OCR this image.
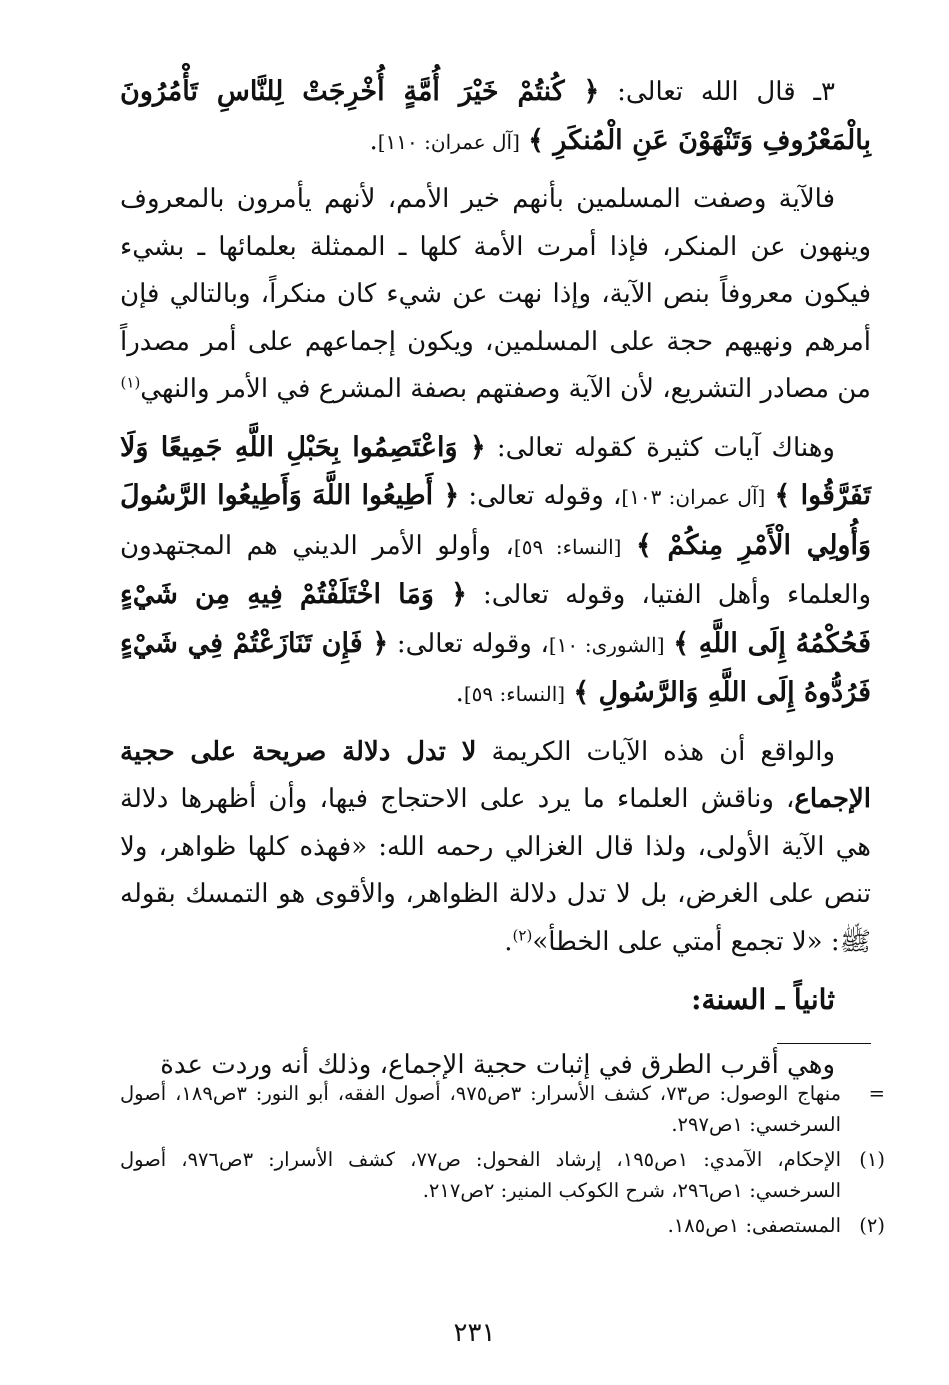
٣ـ قال الله تعالى: ﴿ كُنتُمْ خَيْرَ أُمَّةٍ أُخْرِجَتْ لِلنَّاسِ تَأْمُرُونَ بِالْمَعْرُوفِ وَتَنْهَوْنَ عَنِ الْمُنكَرِ ﴾ [آل عمران: ١١٠].

فالآية وصفت المسلمين بأنهم خير الأمم، لأنهم يأمرون بالمعروف وينهون عن المنكر، فإذا أمرت الأمة كلها ـ الممثلة بعلمائها ـ بشيء فيكون معروفاً بنص الآية، وإذا نهت عن شيء كان منكراً، وبالتالي فإن أمرهم ونهيهم حجة على المسلمين، ويكون إجماعهم على أمر مصدراً من مصادر التشريع، لأن الآية وصفتهم بصفة المشرع في الأمر والنهي$^{(١)}$

وهناك آيات كثيرة كقوله تعالى: ﴿ وَاعْتَصِمُوا بِحَبْلِ اللَّهِ جَمِيعًا وَلَا تَفَرَّقُوا ﴾ [آل عمران: ١٠٣]، وقوله تعالى: ﴿ أَطِيعُوا اللَّهَ وَأَطِيعُوا الرَّسُولَ وَأُولِي الْأَمْرِ مِنكُمْ ﴾ [النساء: ٥٩]، وأولو الأمر الديني هم المجتهدون والعلماء وأهل الفتيا، وقوله تعالى: ﴿ وَمَا اخْتَلَفْتُمْ فِيهِ مِن شَيْءٍ فَحُكْمُهُ إِلَى اللَّهِ ﴾ [الشورى: ١٠]، وقوله تعالى: ﴿ فَإِن تَنَازَعْتُمْ فِي شَيْءٍ فَرُدُّوهُ إِلَى اللَّهِ وَالرَّسُولِ ﴾ [النساء: ٥٩].

والواقع أن هذه الآيات الكريمة لا تدل دلالة صريحة على حجية الإجماع، وناقش العلماء ما يرد على الاحتجاج فيها، وأن أظهرها دلالة هي الآية الأولى، ولذا قال الغزالي رحمه الله: «فهذه كلها ظواهر، ولا تنص على الغرض، بل لا تدل دلالة الظواهر، والأقوى هو التمسك بقوله ﷺ: «لا تجمع أمتي على الخطأ»$^{(٢)}$.

ثانياً ـ السنة:

وهي أقرب الطرق في إثبات حجية الإجماع، وذلك أنه وردت عدة

=
منهاج الوصول: ص٧٣، كشف الأسرار: ٣ص٩٧٥، أصول الفقه، أبو النور: ٣ص١٨٩، أصول السرخسي: ١ص٢٩٧.
(١)
الإحكام، الآمدي: ١ص١٩٥، إرشاد الفحول: ص٧٧، كشف الأسرار: ٣ص٩٧٦، أصول السرخسي: ١ص٢٩٦، شرح الكوكب المنير: ٢ص٢١٧.
(٢)
المستصفى: ١ص١٨٥.
٢٣١
